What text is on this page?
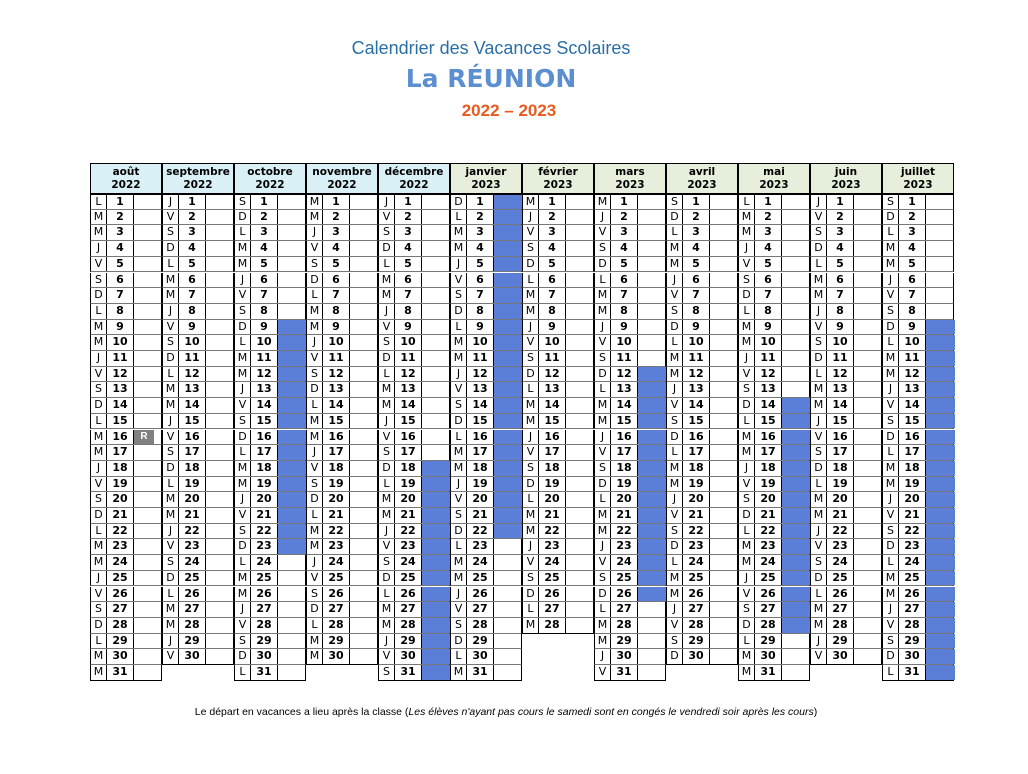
Calendrier des Vacances Scolaires
La RÉUNION
2022 – 2023
août
2022
L	1
M	2
M	3
J	4
V	5
S	6
D	7
L	8
M	9
M 10
J	11
V 12
S 13
D 14
L 15
M 16	R
M 17
J	18
V 19
S 20
D 21
L 22
M 23
M 24
J	25
V 26
S 27
D 28
L 29
M 30
M 31
septembre
2022
J	1
V	2
S	3
D	4
L	5
M	6
M	7
J	8
V	9
S 10
D 11
L 12
M 13
M 14
J	15
V 16
S 17
D 18
L 19
M 20
M 21
J	22
V 23
S 24
D 25
L 26
M 27
M 28
J	29
V 30
octobre
2022
S	1
D	2
L	3
M	4
M	5
J	6
V	7
S	8
D	9
L 10
M 11
M 12
J	13
V 14
S 15
D 16
L 17
M 18
M 19
J	20
V 21
S 22
D 23
L 24
M 25
M 26
J	27
V 28
S 29
D 30
L 31
novembre
2022
M	1
M	2
J	3
V	4
S	5
D	6
L	7
M	8
M	9
J	10
V 11
S 12
D 13
L 14
M 15
M 16
J	17
V 18
S 19
D 20
L 21
M 22
M 23
J	24
V 25
S 26
D 27
L 28
M 29
M 30
décembre
2022
J	1
V	2
S	3
D	4
L	5
M	6
M	7
J	8
V	9
S 10
D 11
L 12
M 13
M 14
J	15
V 16
S 17
D 18
L 19
M 20
M 21
J	22
V 23
S 24
D 25
L 26
M 27
M 28
J	29
V 30
S 31
janvier
2023
D	1
L	2
M	3
M	4
J	5
V	6
S	7
D	8
L	9
M 10
M 11
J	12
V 13
S 14
D 15
L 16
M 17
M 18
J	19
V 20
S 21
D 22
L 23
M 24
M 25
J	26
V 27
S 28
D 29
L 30
M 31
février
2023
M	1
J	2
V	3
S	4
D	5
L	6
M	7
M	8
J	9
V 10
S 11
D 12
L 13
M 14
M 15
J	16
V 17
S 18
D 19
L 20
M 21
M 22
J	23
V 24
S 25
D 26
L 27
M 28
mars
2023
M	1
J	2
V	3
S	4
D	5
L	6
M	7
M	8
J	9
V 10
S 11
D 12
L 13
M 14
M 15
J	16
V 17
S 18
D 19
L 20
M 21
M 22
J	23
V 24
S 25
D 26
L 27
M 28
M 29
J	30
V 31
avril
2023
S	1
D	2
L	3
M	4
M	5
J	6
V	7
S	8
D	9
L 10
M 11
M 12
J	13
V 14
S 15
D 16
L 17
M 18
M 19
J	20
V 21
S 22
D 23
L 24
M 25
M 26
J	27
V 28
S 29
D 30
mai
2023
L	1
M	2
M	3
J	4
V	5
S	6
D	7
L	8
M	9
M 10
J	11
V 12
S 13
D 14
L 15
M 16
M 17
J	18
V 19
S 20
D 21
L 22
M 23
M 24
J	25
V 26
S 27
D 28
L 29
M 30
M 31
juin
2023
J	1
V	2
S	3
D	4
L	5
M	6
M	7
J	8
V	9
S 10
D 11
L 12
M 13
M 14
J	15
V 16
S 17
D 18
L 19
M 20
M 21
J	22
V 23
S 24
D 25
L 26
M 27
M 28
J	29
V 30
juillet
2023
S	1
D	2
L	3
M	4
M	5
J	6
V	7
S	8
D	9
L 10
M 11
M 12
J	13
V 14
S 15
D 16
L 17
M 18
M 19
J	20
V 21
S 22
D 23
L 24
M 25
M 26
J	27
V 28
S 29
D 30
L 31
Le départ en vacances a lieu après la classe (Les élèves n'ayant pas cours le samedi sont en congés le vendredi soir après les cours)
